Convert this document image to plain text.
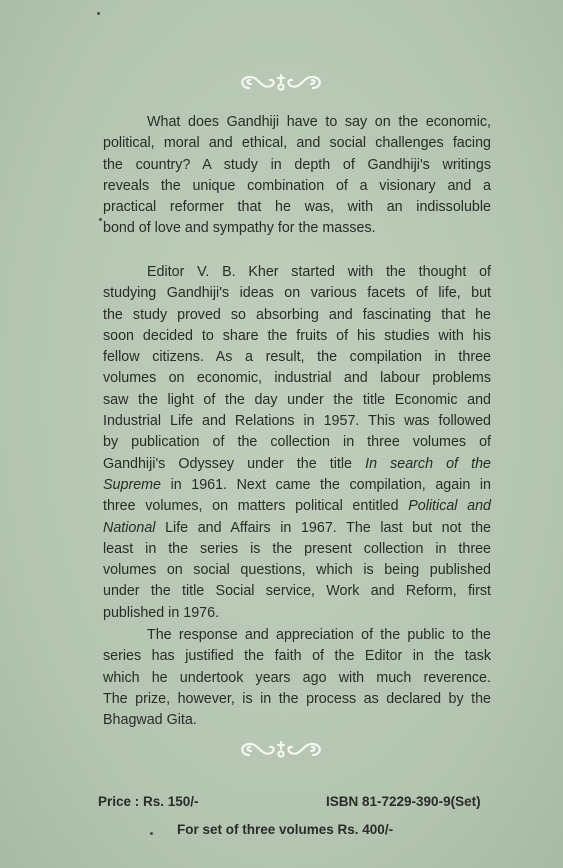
What does Gandhiji have to say on the economic,
political, moral and ethical, and social challenges facing
the country? A study in depth of Gandhiji's writings
reveals the unique combination of a visionary and a
practical reformer that he was, with an indissoluble
bond of love and sympathy for the masses.
Editor V. B. Kher started with the thought of
studying Gandhiji's ideas on various facets of life, but
the study proved so absorbing and fascinating that he
soon decided to share the fruits of his studies with his
fellow citizens. As a result, the compilation in three
volumes on economic, industrial and labour problems
saw the light of the day under the title Economic and
Industrial Life and Relations in 1957. This was followed
by publication of the collection in three volumes of
Gandhiji's Odyssey under the title In search of the
Supreme in 1961. Next came the compilation, again in
three volumes, on matters political entitled Political and
National Life and Affairs in 1967. The last but not the
least in the series is the present collection in three
volumes on social questions, which is being published
under the title Social service, Work and Reform, first
published in 1976.
The response and appreciation of the public to the
series has justified the faith of the Editor in the task
which he undertook years ago with much reverence.
The prize, however, is in the process as declared by the
Bhagwad Gita.
Price : Rs. 150/-	ISBN 81-7229-390-9(Set)
For set of three volumes Rs. 400/-
